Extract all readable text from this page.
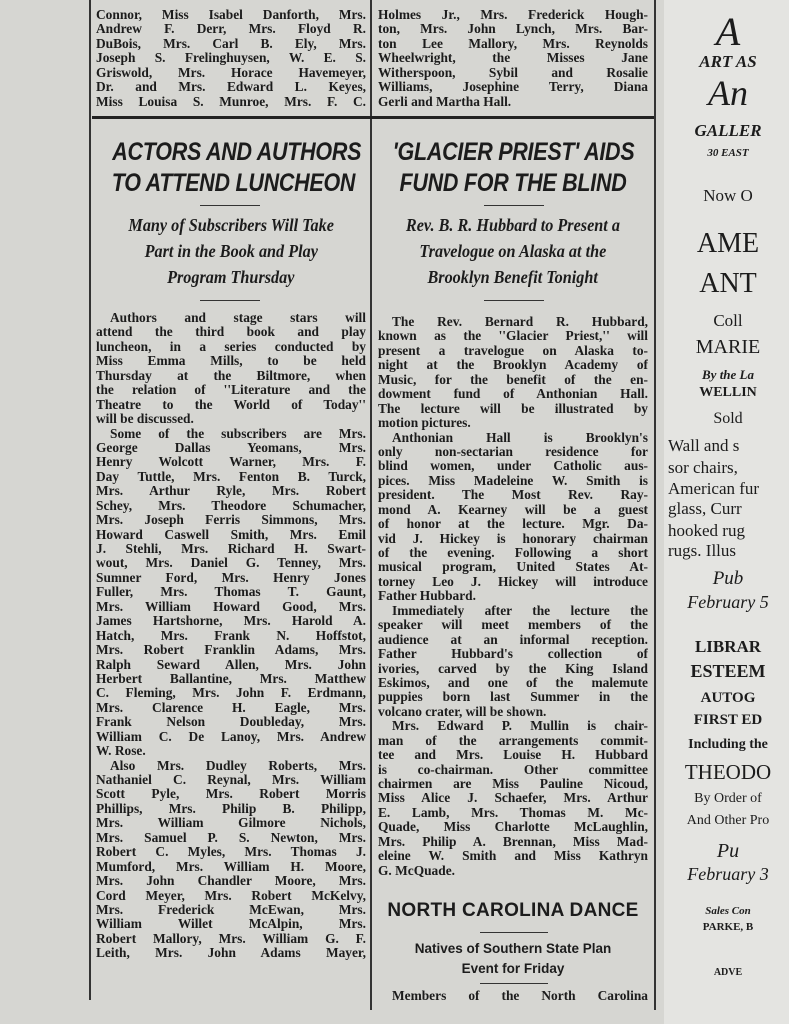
Connor, Miss Isabel Danforth, Mrs.
Andrew F. Derr, Mrs. Floyd R.
DuBois, Mrs. Carl B. Ely, Mrs.
Joseph S. Frelinghuysen, W. E. S.
Griswold, Mrs. Horace Havemeyer,
Dr. and Mrs. Edward L. Keyes,
Miss Louisa S. Munroe, Mrs. F. C.
Holmes Jr., Mrs. Frederick Hough-
ton, Mrs. John Lynch, Mrs. Bar-
ton Lee Mallory, Mrs. Reynolds
Wheelwright, the Misses Jane
Witherspoon, Sybil and Rosalie
Williams, Josephine Terry, Diana
Gerli and Martha Hall.
ACTORS AND AUTHORS
TO ATTEND LUNCHEON
Many of Subscribers Will Take
Part in the Book and Play
Program Thursday
Authors and stage stars will
attend the third book and play
luncheon, in a series conducted by
Miss Emma Mills, to be held
Thursday at the Biltmore, when
the relation of ''Literature and the
Theatre to the World of Today''
will be discussed.
Some of the subscribers are Mrs.
George Dallas Yeomans, Mrs.
Henry Wolcott Warner, Mrs. F.
Day Tuttle, Mrs. Fenton B. Turck,
Mrs. Arthur Ryle, Mrs. Robert
Schey, Mrs. Theodore Schumacher,
Mrs. Joseph Ferris Simmons, Mrs.
Howard Caswell Smith, Mrs. Emil
J. Stehli, Mrs. Richard H. Swart-
wout, Mrs. Daniel G. Tenney, Mrs.
Sumner Ford, Mrs. Henry Jones
Fuller, Mrs. Thomas T. Gaunt,
Mrs. William Howard Good, Mrs.
James Hartshorne, Mrs. Harold A.
Hatch, Mrs. Frank N. Hoffstot,
Mrs. Robert Franklin Adams, Mrs.
Ralph Seward Allen, Mrs. John
Herbert Ballantine, Mrs. Matthew
C. Fleming, Mrs. John F. Erdmann,
Mrs. Clarence H. Eagle, Mrs.
Frank Nelson Doubleday, Mrs.
William C. De Lanoy, Mrs. Andrew
W. Rose.
Also Mrs. Dudley Roberts, Mrs.
Nathaniel C. Reynal, Mrs. William
Scott Pyle, Mrs. Robert Morris
Phillips, Mrs. Philip B. Philipp,
Mrs. William Gilmore Nichols,
Mrs. Samuel P. S. Newton, Mrs.
Robert C. Myles, Mrs. Thomas J.
Mumford, Mrs. William H. Moore,
Mrs. John Chandler Moore, Mrs.
Cord Meyer, Mrs. Robert McKelvy,
Mrs. Frederick McEwan, Mrs.
William Willet McAlpin, Mrs.
Robert Mallory, Mrs. William G. F.
Leith, Mrs. John Adams Mayer,
'GLACIER PRIEST' AIDS
FUND FOR THE BLIND
Rev. B. R. Hubbard to Present a
Travelogue on Alaska at the
Brooklyn Benefit Tonight
The Rev. Bernard R. Hubbard,
known as the ''Glacier Priest,'' will
present a travelogue on Alaska to-
night at the Brooklyn Academy of
Music, for the benefit of the en-
dowment fund of Anthonian Hall.
The lecture will be illustrated by
motion pictures.
Anthonian Hall is Brooklyn's
only non-sectarian residence for
blind women, under Catholic aus-
pices. Miss Madeleine W. Smith is
president. The Most Rev. Ray-
mond A. Kearney will be a guest
of honor at the lecture. Mgr. Da-
vid J. Hickey is honorary chairman
of the evening. Following a short
musical program, United States At-
torney Leo J. Hickey will introduce
Father Hubbard.
Immediately after the lecture the
speaker will meet members of the
audience at an informal reception.
Father Hubbard's collection of
ivories, carved by the King Island
Eskimos, and one of the malemute
puppies born last Summer in the
volcano crater, will be shown.
Mrs. Edward P. Mullin is chair-
man of the arrangements commit-
tee and Mrs. Louise H. Hubbard
is co-chairman. Other committee
chairmen are Miss Pauline Nicoud,
Miss Alice J. Schaefer, Mrs. Arthur
E. Lamb, Mrs. Thomas M. Mc-
Quade, Miss Charlotte McLaughlin,
Mrs. Philip A. Brennan, Miss Mad-
eleine W. Smith and Miss Kathryn
G. McQuade.
NORTH CAROLINA DANCE
Natives of Southern State Plan
Event for Friday
Members of the North Carolina
A
ART AS
An
GALLER
30 EAST
Now O
AME
ANT
Coll
MARIE
By the La
WELLIN
Sold
Wall and s
sor chairs,
American fur
glass, Curr
hooked rug
rugs. Illus
Pub
February 5
LIBRAR
ESTEEM
AUTOG
FIRST ED
Including the
THEODO
By Order of
And Other Pro
Pu
February 3
Sales Con
PARKE, B
ADVE
